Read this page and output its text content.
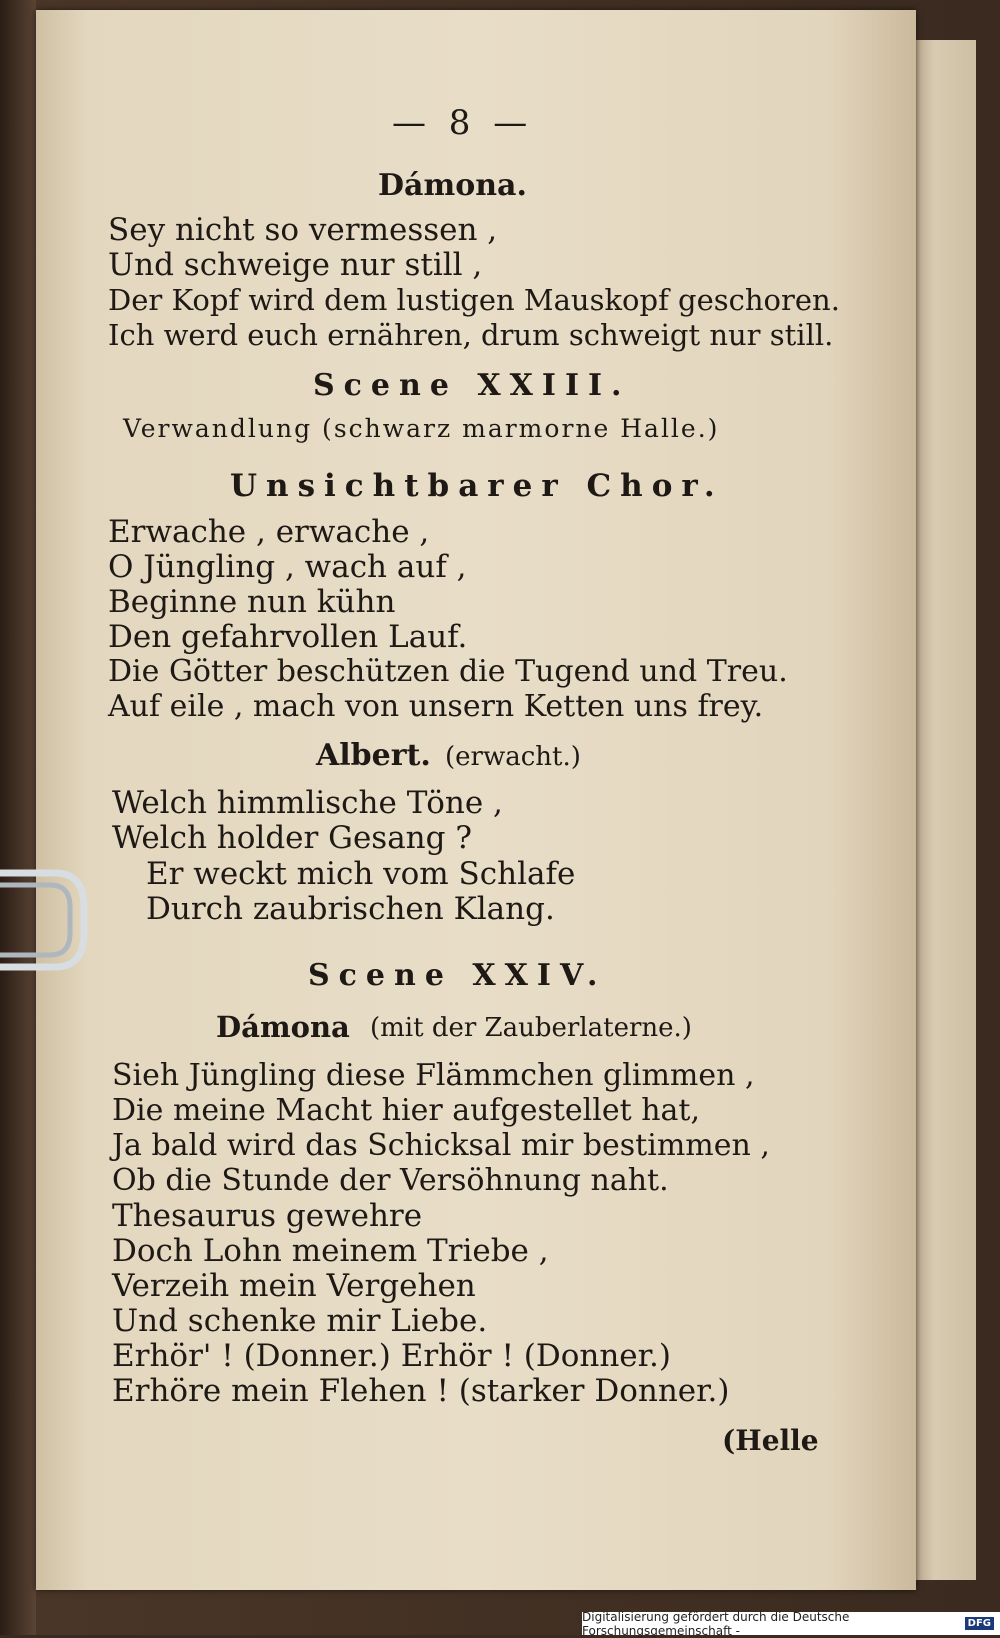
— 8 —
Dámona.
Sey nicht so vermessen ,
Und schweige nur still ,
Der Kopf wird dem lustigen Mauskopf geschoren.
Ich werd euch ernähren, drum schweigt nur still.
Scene XXIII.
Verwandlung (schwarz marmorne Halle.)
Unsichtbarer Chor.
Erwache , erwache ,
O Jüngling , wach auf ,
Beginne nun kühn
Den gefahrvollen Lauf.
Die Götter beschützen die Tugend und Treu.
Auf eile , mach von unsern Ketten uns frey.
Albert. (erwacht.)
Welch himmlische Töne ,
Welch holder Gesang ?
Er weckt mich vom Schlafe
Durch zaubrischen Klang.
Scene XXIV.
Dámona (mit der Zauberlaterne.)
Sieh Jüngling diese Flämmchen glimmen ,
Die meine Macht hier aufgestellet hat,
Ja bald wird das Schicksal mir bestimmen ,
Ob die Stunde der Versöhnung naht.
Thesaurus gewehre
Doch Lohn meinem Triebe ,
Verzeih mein Vergehen
Und schenke mir Liebe.
Erhör' ! (Donner.) Erhör ! (Donner.)
Erhöre mein Flehen ! (starker Donner.)
(Helle
Digitalisierung gefördert durch die Deutsche Forschungsgemeinschaft -	DFG
